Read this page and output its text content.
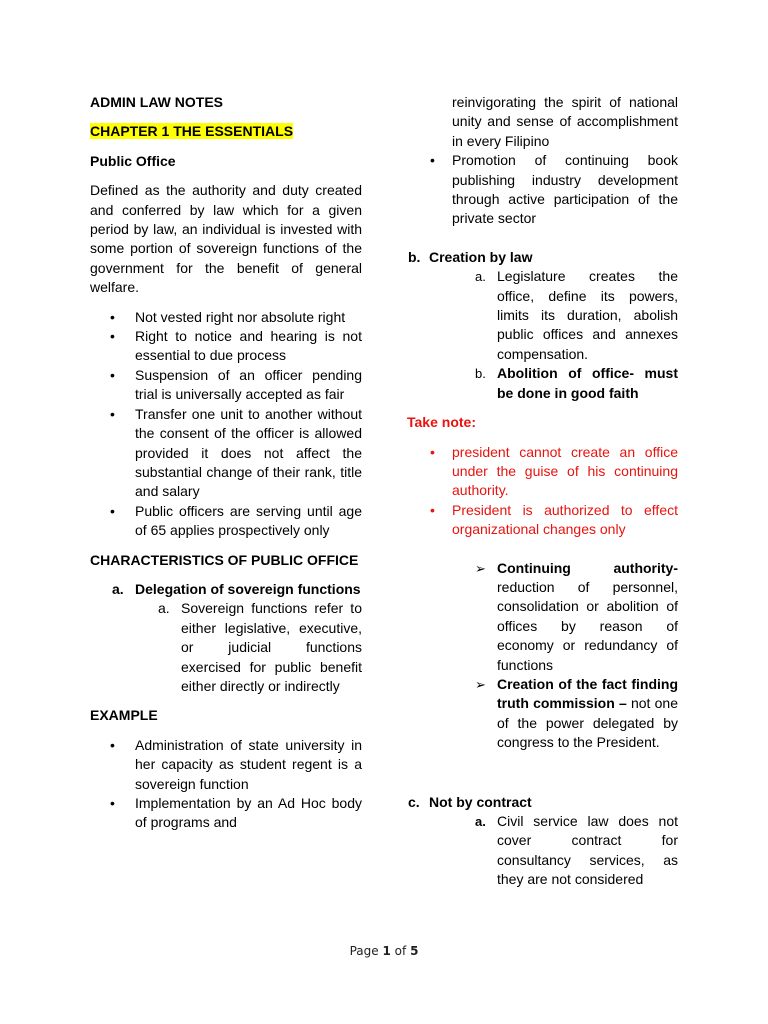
ADMIN LAW NOTES

CHAPTER 1 THE ESSENTIALS

Public Office

Defined as the authority and duty created and conferred by law which for a given period by law, an individual is invested with some portion of sovereign functions of the government for the benefit of general welfare.

• Not vested right nor absolute right
• Right to notice and hearing is not essential to due process
• Suspension of an officer pending trial is universally accepted as fair
• Transfer one unit to another without the consent of the officer is allowed provided it does not affect the substantial change of their rank, title and salary
• Public officers are serving until age of 65 applies prospectively only

CHARACTERISTICS OF PUBLIC OFFICE

a. Delegation of sovereign functions
a. Sovereign functions refer to either legislative, executive, or judicial functions exercised for public benefit either directly or indirectly

EXAMPLE

• Administration of state university in her capacity as student regent is a sovereign function
• Implementation by an Ad Hoc body of programs and

reinvigorating the spirit of national unity and sense of accomplishment in every Filipino

• Promotion of continuing book publishing industry development through active participation of the private sector
b. Creation by law
a. Legislature creates the office, define its powers, limits its duration, abolish public offices and annexes compensation.
b. Abolition of office- must be done in good faith

Take note:

• president cannot create an office under the guise of his continuing authority.
• President is authorized to effect organizational changes only
➢ Continuing authority- reduction of personnel, consolidation or abolition of offices by reason of economy or redundancy of functions
➢ Creation of the fact finding truth commission – not one of the power delegated by congress to the President.
c. Not by contract
a. Civil service law does not cover contract for consultancy services, as they are not considered
Page 1 of 5
